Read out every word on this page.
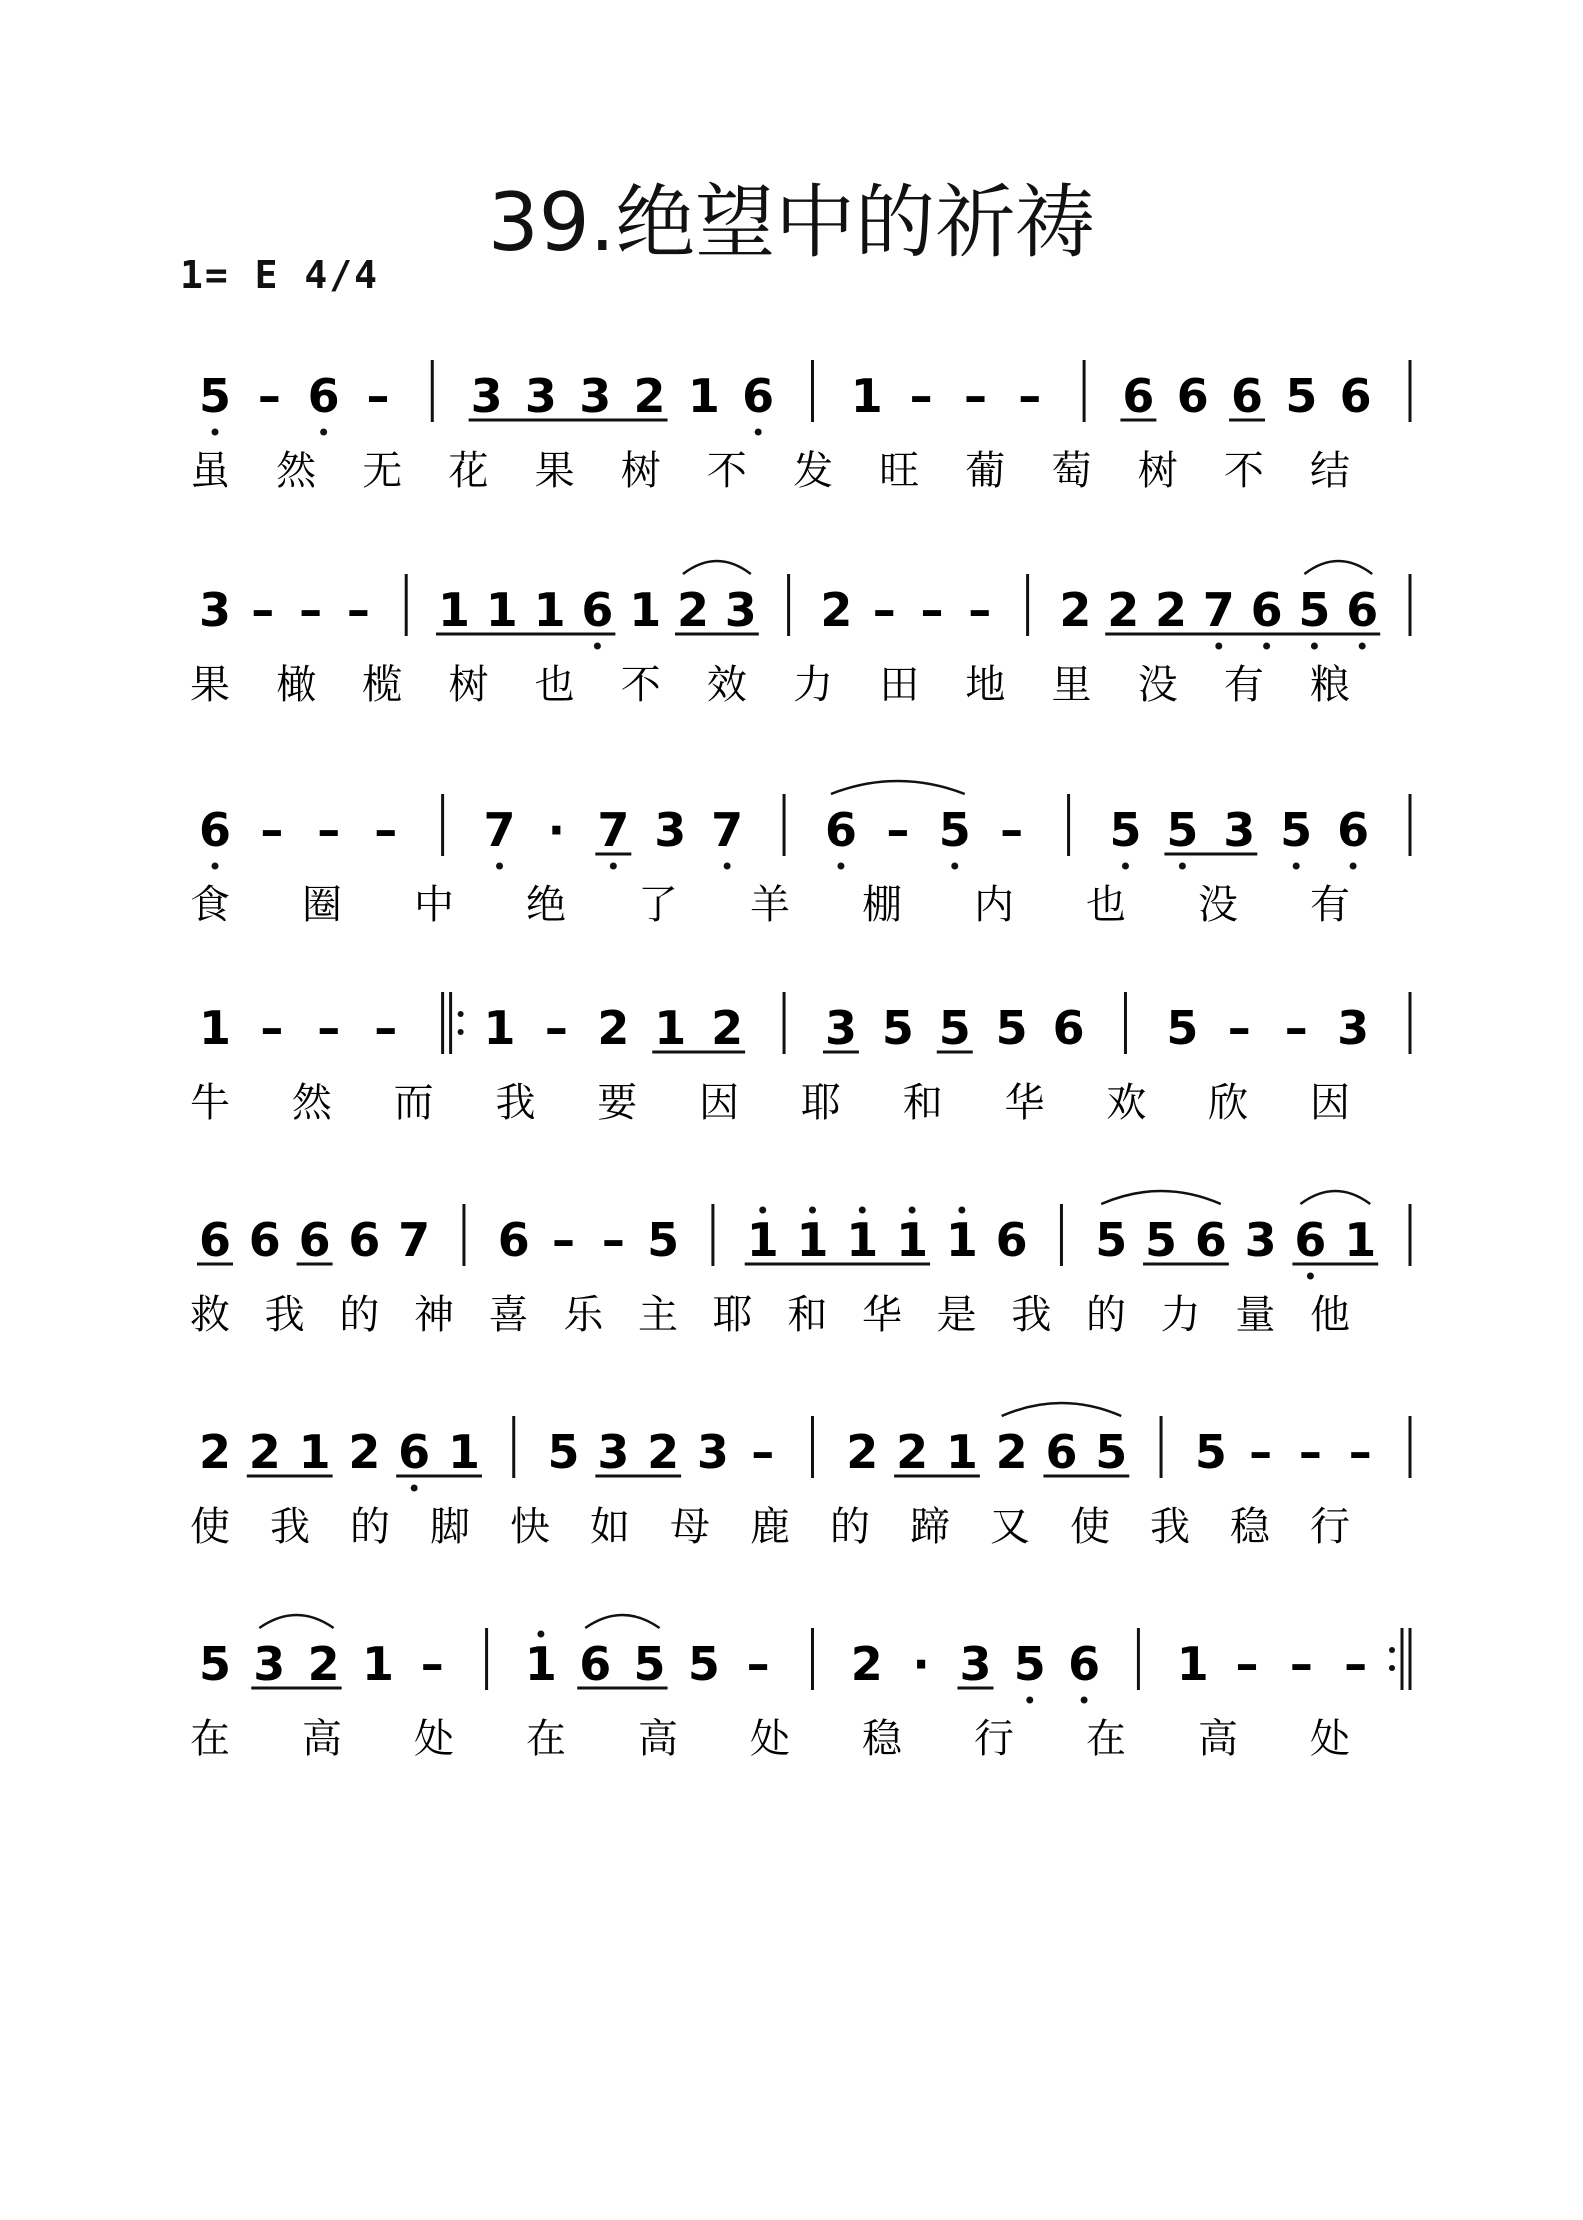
39.绝望中的祈祷
1= E 4/4
5 – 6 – 3 3 3 2 1 6 1 – – – 6 6 6 5 6
虽 然 无 花 果 树 不 发 旺 葡 萄 树 不 结
3 – – – 1 1 1 6 1 2 3 2 – – – 2 2 2 7 6 5 6
果 橄 榄 树 也 不 效 力 田 地 里 没 有 粮
6 – – – 7 · 7 3 7 6 – 5 – 5 5 3 5 6
食 圈 中 绝 了 羊 棚 内 也 没 有
1 – – – 1 – 2 1 2 3 5 5 5 6 5 – – 3
牛 然 而 我 要 因 耶 和 华 欢 欣 因
6 6 6 6 7 6 – – 5 1 1 1 1 1 6 5 5 6 3 6 1
救 我 的 神 喜 乐 主 耶 和 华 是 我 的 力 量 他
2 2 1 2 6 1 5 3 2 3 – 2 2 1 2 6 5 5 – – –
使 我 的 脚 快 如 母 鹿 的 蹄 又 使 我 稳 行
5 3 2 1 – 1 6 5 5 – 2 · 3 5 6 1 – – –
在 高 处 在 高 处 稳 行 在 高 处
